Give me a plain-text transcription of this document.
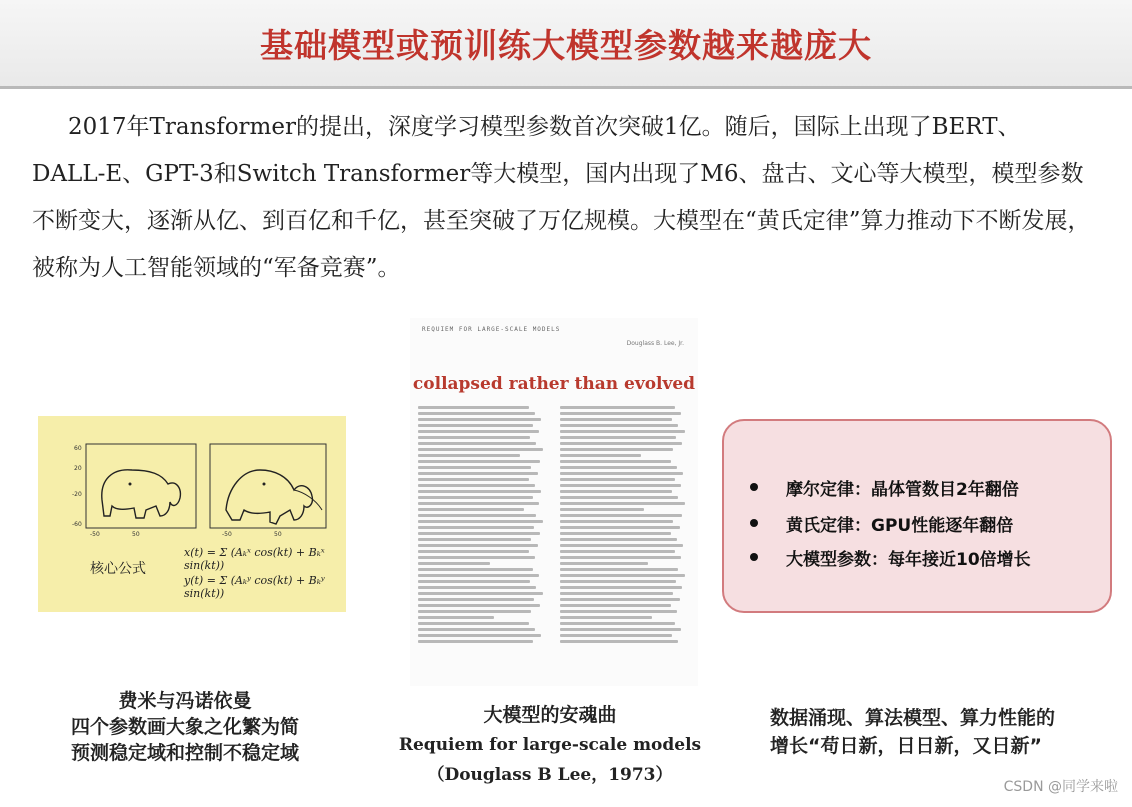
基础模型或预训练大模型参数越来越庞大
2017年Transformer的提出，深度学习模型参数首次突破1亿。随后，国际上出现了BERT、DALL-E、GPT-3和Switch Transformer等大模型，国内出现了M6、盘古、文心等大模型，模型参数不断变大，逐渐从亿、到百亿和千亿，甚至突破了万亿规模。大模型在“黄氏定律”算力推动下不断发展，被称为人工智能领域的“军备竞赛”。
60
20
-20
-60
-50	50	-50	50
核心公式
x(t) = Σ (Aₖˣ cos(kt) + Bₖˣ sin(kt))
y(t) = Σ (Aₖʸ cos(kt) + Bₖʸ sin(kt))
费米与冯诺依曼
四个参数画大象之化繁为简
预测稳定域和控制不稳定域
REQUIEM FOR LARGE-SCALE MODELS
Douglass B. Lee, Jr.
collapsed rather than evolved
大模型的安魂曲
Requiem for large-scale models
（Douglass B Lee，1973）
摩尔定律：晶体管数目2年翻倍
黄氏定律：GPU性能逐年翻倍
大模型参数：每年接近10倍增长
数据涌现、算法模型、算力性能的
增长“苟日新，日日新，又日新”
CSDN @同学来啦
